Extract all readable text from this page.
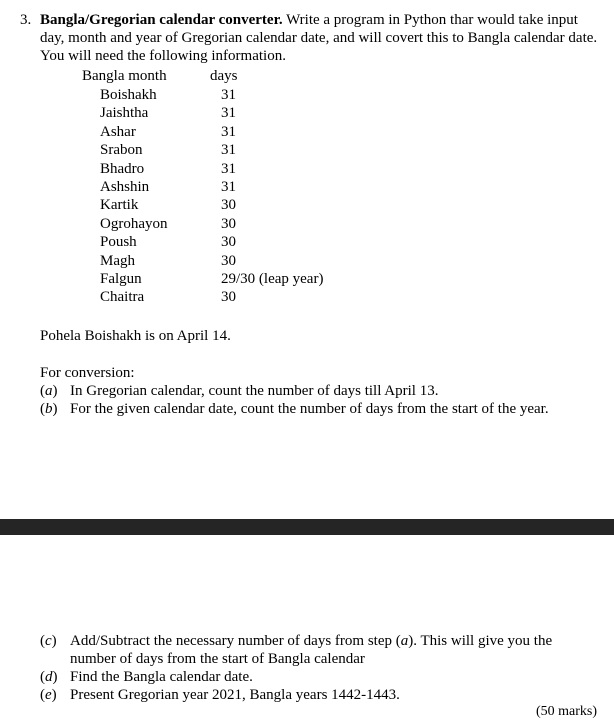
3. Bangla/Gregorian calendar converter. Write a program in Python thar would take input day, month and year of Gregorian calendar date, and will covert this to Bangla calendar date. You will need the following information.
Bangla month	days
Boishakh	31
Jaishtha	31
Ashar	31
Srabon	31
Bhadro	31
Ashshin	31
Kartik	30
Ogrohayon	30
Poush	30
Magh	30
Falgun	29/30 (leap year)
Chaitra	30
Pohela Boishakh is on April 14.
For conversion:
(a) In Gregorian calendar, count the number of days till April 13.
(b) For the given calendar date, count the number of days from the start of the year.
(c) Add/Subtract the necessary number of days from step (a). This will give you the number of days from the start of Bangla calendar
(d) Find the Bangla calendar date.
(e) Present Gregorian year 2021, Bangla years 1442-1443.
(50 marks)
